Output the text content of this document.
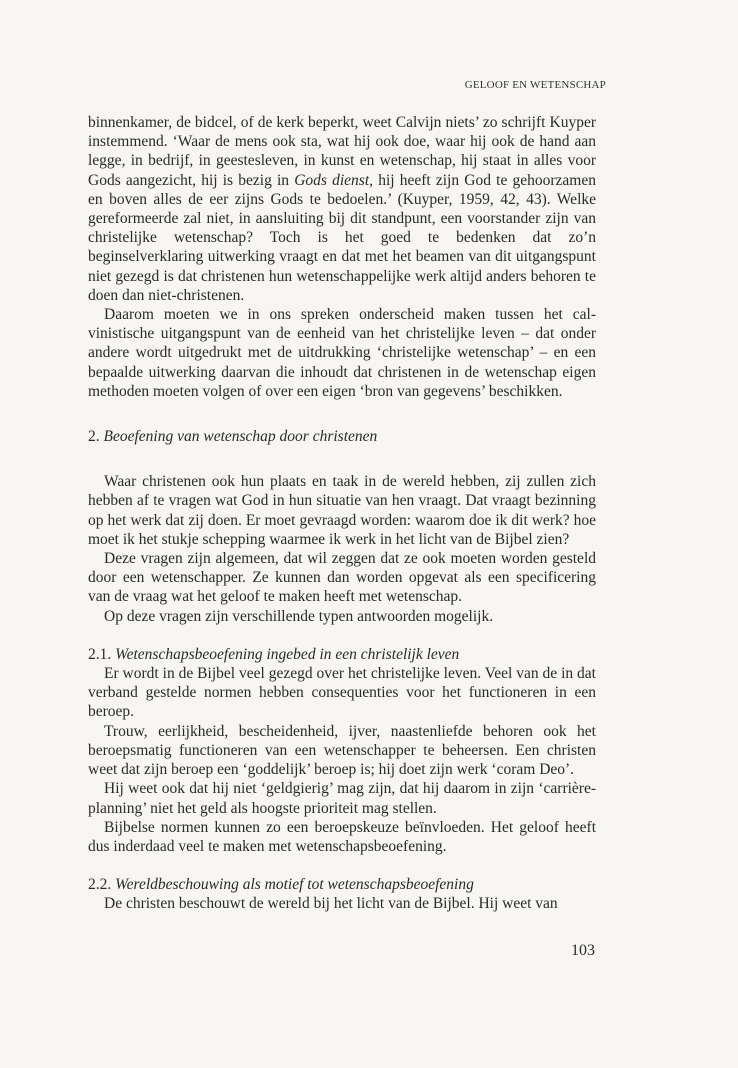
GELOOF EN WETENSCHAP

binnenkamer, de bidcel, of de kerk beperkt, weet Calvijn niets’ zo schrijft Kuyper instemmend. ‘Waar de mens ook sta, wat hij ook doe, waar hij ook de hand aan legge, in bedrijf, in geestesleven, in kunst en wetenschap, hij staat in alles voor Gods aangezicht, hij is bezig in Gods dienst, hij heeft zijn God te gehoorzamen en boven alles de eer zijns Gods te bedoelen.’ (Kuyper, 1959, 42, 43). Welke gereformeerde zal niet, in aansluiting bij dit standpunt, een voorstander zijn van christelijke wetenschap? Toch is het goed te bedenken dat zo’n beginselverklaring uitwerking vraagt en dat met het beamen van dit uitgangspunt niet gezegd is dat christenen hun wetenschappelijke werk altijd anders behoren te doen dan niet-christenen.

Daarom moeten we in ons spreken onderscheid maken tussen het calvinistische uitgangspunt van de eenheid van het christelijke leven – dat onder andere wordt uitgedrukt met de uitdrukking ‘christelijke wetenschap’ – en een bepaalde uitwerking daarvan die inhoudt dat christenen in de wetenschap eigen methoden moeten volgen of over een eigen ‘bron van gegevens’ beschikken.

2. Beoefening van wetenschap door christenen

Waar christenen ook hun plaats en taak in de wereld hebben, zij zullen zich hebben af te vragen wat God in hun situatie van hen vraagt. Dat vraagt bezinning op het werk dat zij doen. Er moet gevraagd worden: waarom doe ik dit werk? hoe moet ik het stukje schepping waarmee ik werk in het licht van de Bijbel zien?

Deze vragen zijn algemeen, dat wil zeggen dat ze ook moeten worden gesteld door een wetenschapper. Ze kunnen dan worden opgevat als een specificering van de vraag wat het geloof te maken heeft met wetenschap.

Op deze vragen zijn verschillende typen antwoorden mogelijk.

2.1. Wetenschapsbeoefening ingebed in een christelijk leven

Er wordt in de Bijbel veel gezegd over het christelijke leven. Veel van de in dat verband gestelde normen hebben consequenties voor het functioneren in een beroep.

Trouw, eerlijkheid, bescheidenheid, ijver, naastenliefde behoren ook het beroepsmatig functioneren van een wetenschapper te beheersen. Een christen weet dat zijn beroep een ‘goddelijk’ beroep is; hij doet zijn werk ‘coram Deo’.

Hij weet ook dat hij niet ‘geldgierig’ mag zijn, dat hij daarom in zijn ‘carrière-planning’ niet het geld als hoogste prioriteit mag stellen.

Bijbelse normen kunnen zo een beroepskeuze beïnvloeden. Het geloof heeft dus inderdaad veel te maken met wetenschapsbeoefening.

2.2. Wereldbeschouwing als motief tot wetenschapsbeoefening

De christen beschouwt de wereld bij het licht van de Bijbel. Hij weet van

103
